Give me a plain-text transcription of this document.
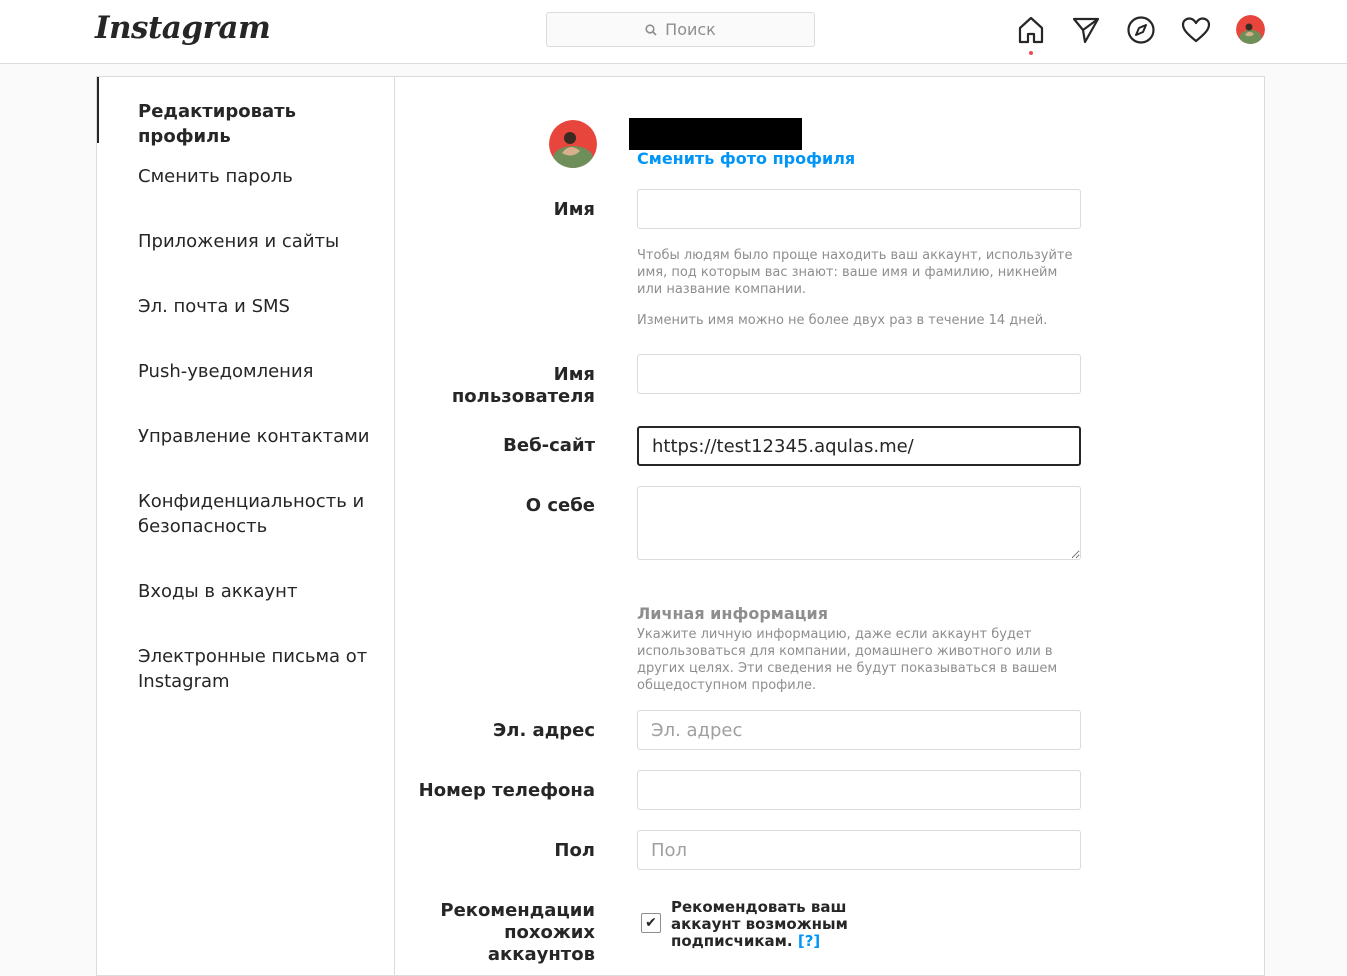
Instagram	Поиск
Редактировать профиль
Сменить пароль
Приложения и сайты
Эл. почта и SMS
Push-уведомления
Управление контактами
Конфиденциальность и безопасность
Входы в аккаунт
Электронные письма от Instagram
Сменить фото профиля
Имя
Чтобы людям было проще находить ваш аккаунт, используйте имя, под которым вас знают: ваше имя и фамилию, никнейм или название компании.
Изменить имя можно не более двух раз в течение 14 дней.
Имя пользователя
Веб-сайт
https://test12345.aqulas.me/
О себе
Личная информация
Укажите личную информацию, даже если аккаунт будет использоваться для компании, домашнего животного или в других целях. Эти сведения не будут показываться в вашем общедоступном профиле.
Эл. адрес
Эл. адрес
Номер телефона
Пол
Пол
Рекомендации похожих аккаунтов
✔
Рекомендовать ваш аккаунт возможным подписчикам. [?]
